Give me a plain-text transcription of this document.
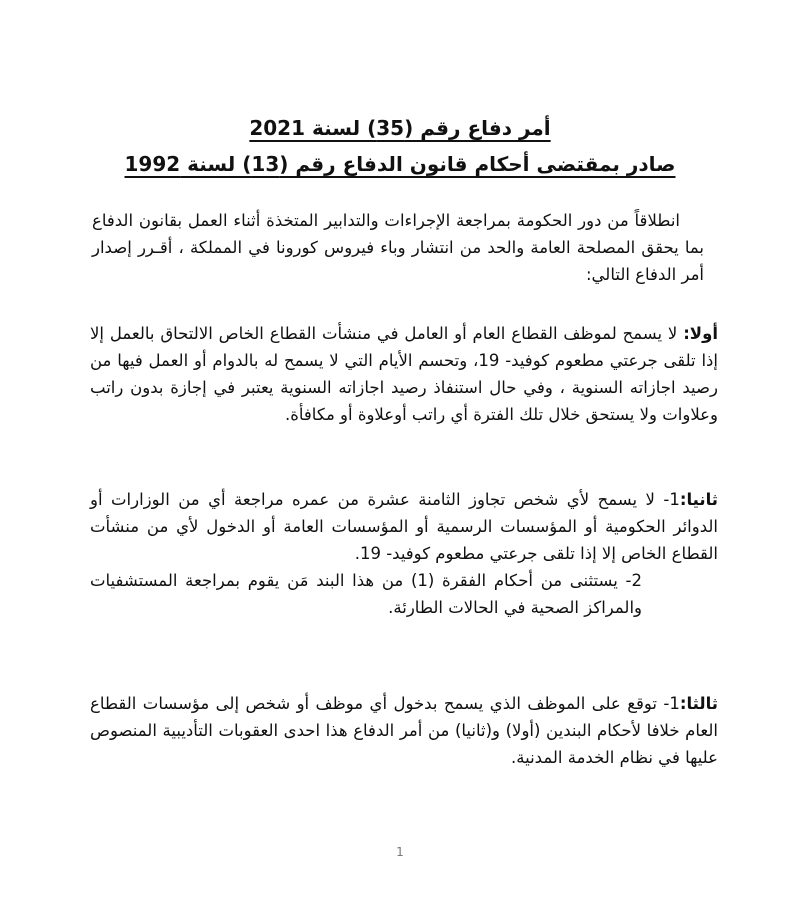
أمر دفاع رقم (35) لسنة 2021
صادر بمقتضى أحكام قانون الدفاع رقم (13) لسنة 1992
انطلاقاً من دور الحكومة بمراجعة الإجراءات والتدابير المتخذة أثناء العمل بقانون الدفاع بما يحقق المصلحة العامة والحد من انتشار وباء فيروس كورونا في المملكة ، أقـرر إصدار أمر الدفاع التالي:
أولا: لا يسمح لموظف القطاع العام أو العامل في منشأت القطاع الخاص الالتحاق بالعمل إلا إذا تلقى جرعتي مطعوم كوفيد- 19، وتحسم الأيام التي لا يسمح له بالدوام أو العمل فيها من رصيد اجازاته السنوية ، وفي حال استنفاذ رصيد اجازاته السنوية يعتبر في إجازة بدون راتب وعلاوات ولا يستحق خلال تلك الفترة أي راتب أوعلاوة أو مكافأة.
ثانيا:1- لا يسمح لأي شخص تجاوز الثامنة عشرة من عمره مراجعة أي من الوزارات أو الدوائر الحكومية أو المؤسسات الرسمية أو المؤسسات العامة أو الدخول لأي من منشأت القطاع الخاص إلا إذا تلقى جرعتي مطعوم كوفيد- 19.
2- يستثنى من أحكام الفقرة (1) من هذا البند مَن يقوم بمراجعة المستشفيات والمراكز الصحية في الحالات الطارئة.
ثالثا:1- توقع على الموظف الذي يسمح بدخول أي موظف أو شخص إلى مؤسسات القطاع العام خلافا لأحكام البندين (أولا) و(ثانيا) من أمر الدفاع هذا احدى العقوبات التأديبية المنصوص عليها في نظام الخدمة المدنية.
1
